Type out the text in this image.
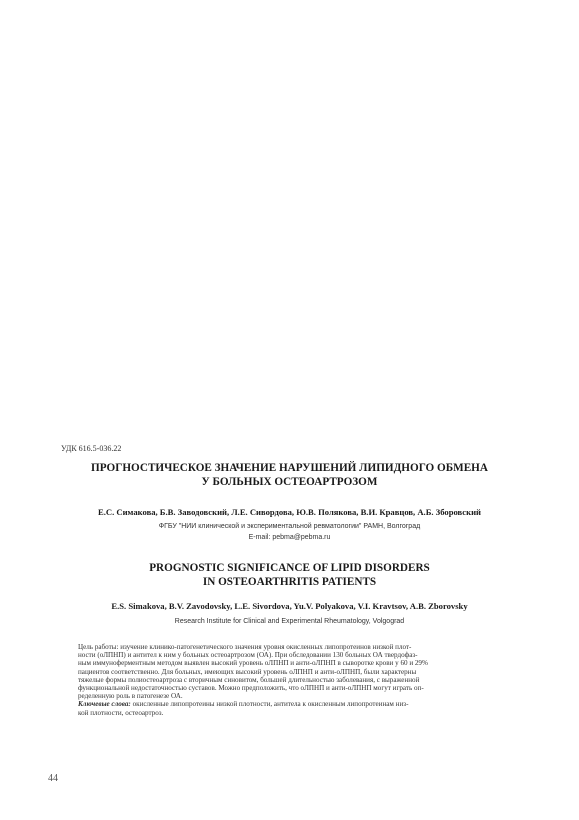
УДК 616.5-036.22
ПРОГНОСТИЧЕСКОЕ ЗНАЧЕНИЕ НАРУШЕНИЙ ЛИПИДНОГО ОБМЕНА
У БОЛЬНЫХ ОСТЕОАРТРОЗОМ
Е.С. Симакова, Б.В. Заводовский, Л.Е. Сивордова, Ю.В. Полякова, В.И. Кравцов, А.Б. Зборовский
ФГБУ "НИИ клинической и экспериментальной ревматологии" РАМН, Волгоград
E-mail: pebma@pebma.ru
PROGNOSTIC SIGNIFICANCE OF LIPID DISORDERS
IN OSTEOARTHRITIS PATIENTS
E.S. Simakova, B.V. Zavodovsky, L.E. Sivordova, Yu.V. Polyakova, V.I. Kravtsov, A.B. Zborovsky
Research Institute for Clinical and Experimental Rheumatology, Volgograd
Цель работы: изучение клинико-патогенетического значения уровня окисленных липопротеинов низкой плот-
ности (оЛПНП) и антител к ним у больных остеоартрозом (ОА). При обследовании 130 больных ОА твердофаз-
ным иммуноферментным методом выявлен высокий уровень оЛПНП и анти-оЛПНП в сыворотке крови у 60 и 29%
пациентов соответственно. Для больных, имеющих высокий уровень оЛПНП и анти-оЛПНП, были характерны
тяжелые формы полиостеоартроза с вторичным синовитом, большей длительностью заболевания, с выраженной
функциональной недостаточностью суставов. Можно предположить, что оЛПНП и анти-оЛПНП могут играть оп-
ределенную роль в патогенезе ОА.
Ключевые слова: окисленные липопротеины низкой плотности, антитела к окисленным липопротеинам низ-
кой плотности, остеоартроз.
44
